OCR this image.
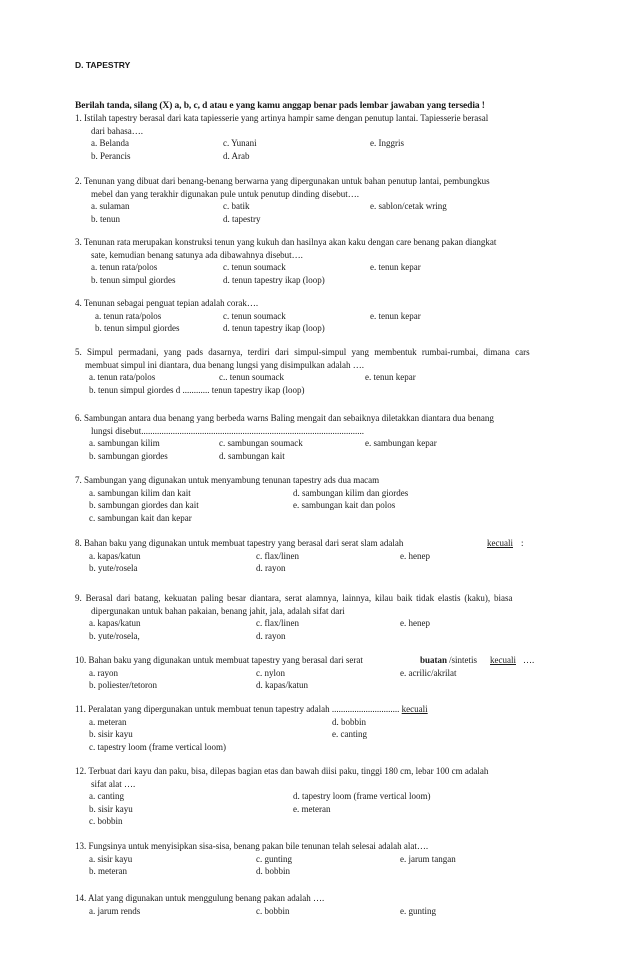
D. TAPESTRY
Berilah tanda, silang (X) a, b, c, d atau e yang kamu anggap benar pads lembar jawaban yang tersedia !
1. Istilah tapestry berasal dari kata tapiesserie yang artinya hampir same dengan penutup lantai. Tapiesserie berasal
dari bahasa….
a. Belanda	c. Yunani	e. Inggris
b. Perancis	d. Arab
2. Tenunan yang dibuat dari benang-benang berwarna yang dipergunakan untuk bahan penutup lantai, pembungkus
mebel dan yang terakhir digunakan pule untuk penutup dinding disebut….
a. sulaman	c. batik	e. sablon/cetak wring
b. tenun	d. tapestry
3. Tenunan rata merupakan konstruksi tenun yang kukuh dan hasilnya akan kaku dengan care benang pakan diangkat
sate, kemudian benang satunya ada dibawahnya disebut….
a. tenun rata/polos	c. tenun soumack	e. tenun kepar
b. tenun simpul giordes	d. tenun tapestry ikap (loop)
4. Tenunan sebagai penguat tepian adalah corak….
a. tenun rata/polos	c. tenun soumack	e. tenun kepar
b. tenun simpul giordes	d. tenun tapestry ikap (loop)
5. Simpul permadani, yang pads dasarnya, terdiri dari simpul-simpul yang membentuk rumbai-rumbai, dimana cars
membuat simpul ini diantara, dua benang lungsi yang disimpulkan adalah ….
a. tenun rata/polos	c.. tenun soumack	e. tenun kepar
b. tenun simpul giordes d ............ tenun tapestry ikap (loop)
6. Sambungan antara dua benang yang berbeda warns Baling mengait dan sebaiknya diletakkan diantara dua benang
lungsi disebut...................................................................................................
a. sambungan kilim	c. sambungan soumack	e. sambungan kepar
b. sambungan giordes	d. sambungan kait
7. Sambungan yang digunakan untuk menyambung tenunan tapestry ads dua macam
a. sambungan kilim dan kait	d. sambungan kilim dan giordes
b. sambungan giordes dan kait	e. sambungan kait dan polos
c. sambungan kait dan kepar
8. Bahan baku yang digunakan untuk membuat tapestry yang berasal dari serat slam adalah	kecuali :
a. kapas/katun	c. flax/linen	e. henep
b. yute/rosela	d. rayon
9. Berasal dari batang, kekuatan paling besar diantara, serat alamnya, lainnya, kilau baik tidak elastis (kaku), biasa
dipergunakan untuk bahan pakaian, benang jahit, jala, adalah sifat dari
a. kapas/katun	c. flax/linen	e. henep
b. yute/rosela,	d. rayon
10. Bahan baku yang digunakan untuk membuat tapestry yang berasal dari serat	buatan /sintetis kecuali ….
a. rayon	c. nylon	e. acrilic/akrilat
b. poliester/tetoron	d. kapas/katun
11. Peralatan yang dipergunakan untuk membuat tenun tapestry adalah .............................. kecuali
a. meteran	d. bobbin
b. sisir kayu	e. canting
c. tapestry loom (frame vertical loom)
12. Terbuat dari kayu dan paku, bisa, dilepas bagian etas dan bawah diisi paku, tinggi 180 cm, lebar 100 cm adalah
sifat alat ….
a. canting	d. tapestry loom (frame vertical loom)
b. sisir kayu	e. meteran
c. bobbin
13. Fungsinya untuk menyisipkan sisa-sisa, benang pakan bile tenunan telah selesai adalah alat….
a. sisir kayu	c. gunting	e. jarum tangan
b. meteran	d. bobbin
14. Alat yang digunakan untuk menggulung benang pakan adalah ….
a. jarum rends	c. bobbin	e. gunting
